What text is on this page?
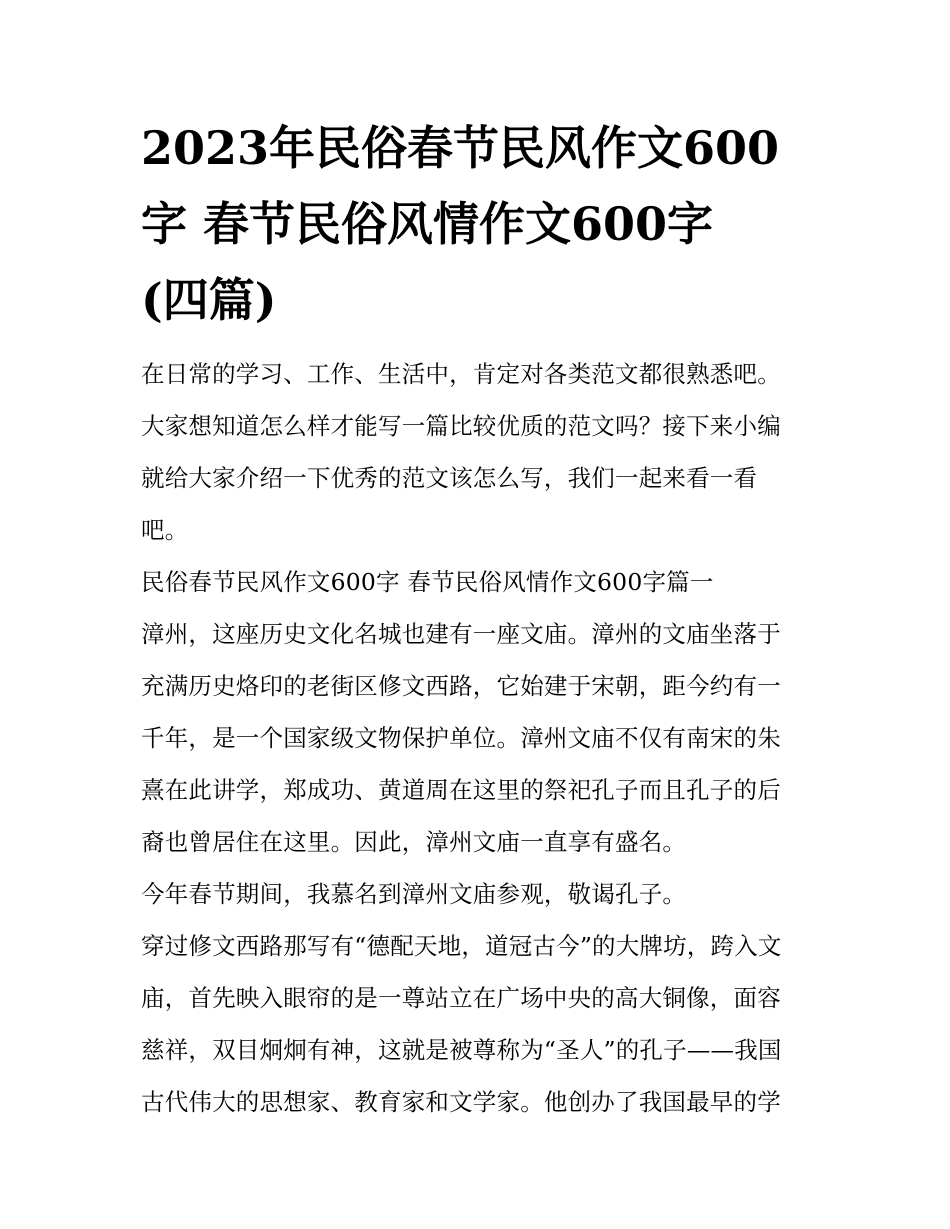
2023年民俗春节民风作文600
字 春节民俗风情作文600字
(四篇)
在日常的学习、工作、生活中，肯定对各类范文都很熟悉吧。
大家想知道怎么样才能写一篇比较优质的范文吗？接下来小编
就给大家介绍一下优秀的范文该怎么写，我们一起来看一看
吧。
民俗春节民风作文600字 春节民俗风情作文600字篇一
漳州，这座历史文化名城也建有一座文庙。漳州的文庙坐落于
充满历史烙印的老街区修文西路，它始建于宋朝，距今约有一
千年，是一个国家级文物保护单位。漳州文庙不仅有南宋的朱
熹在此讲学，郑成功、黄道周在这里的祭祀孔子而且孔子的后
裔也曾居住在这里。因此，漳州文庙一直享有盛名。
今年春节期间，我慕名到漳州文庙参观，敬谒孔子。
穿过修文西路那写有“德配天地，道冠古今”的大牌坊，跨入文
庙，首先映入眼帘的是一尊站立在广场中央的高大铜像，面容
慈祥，双目炯炯有神，这就是被尊称为“圣人”的孔子——我国
古代伟大的思想家、教育家和文学家。他创办了我国最早的学
